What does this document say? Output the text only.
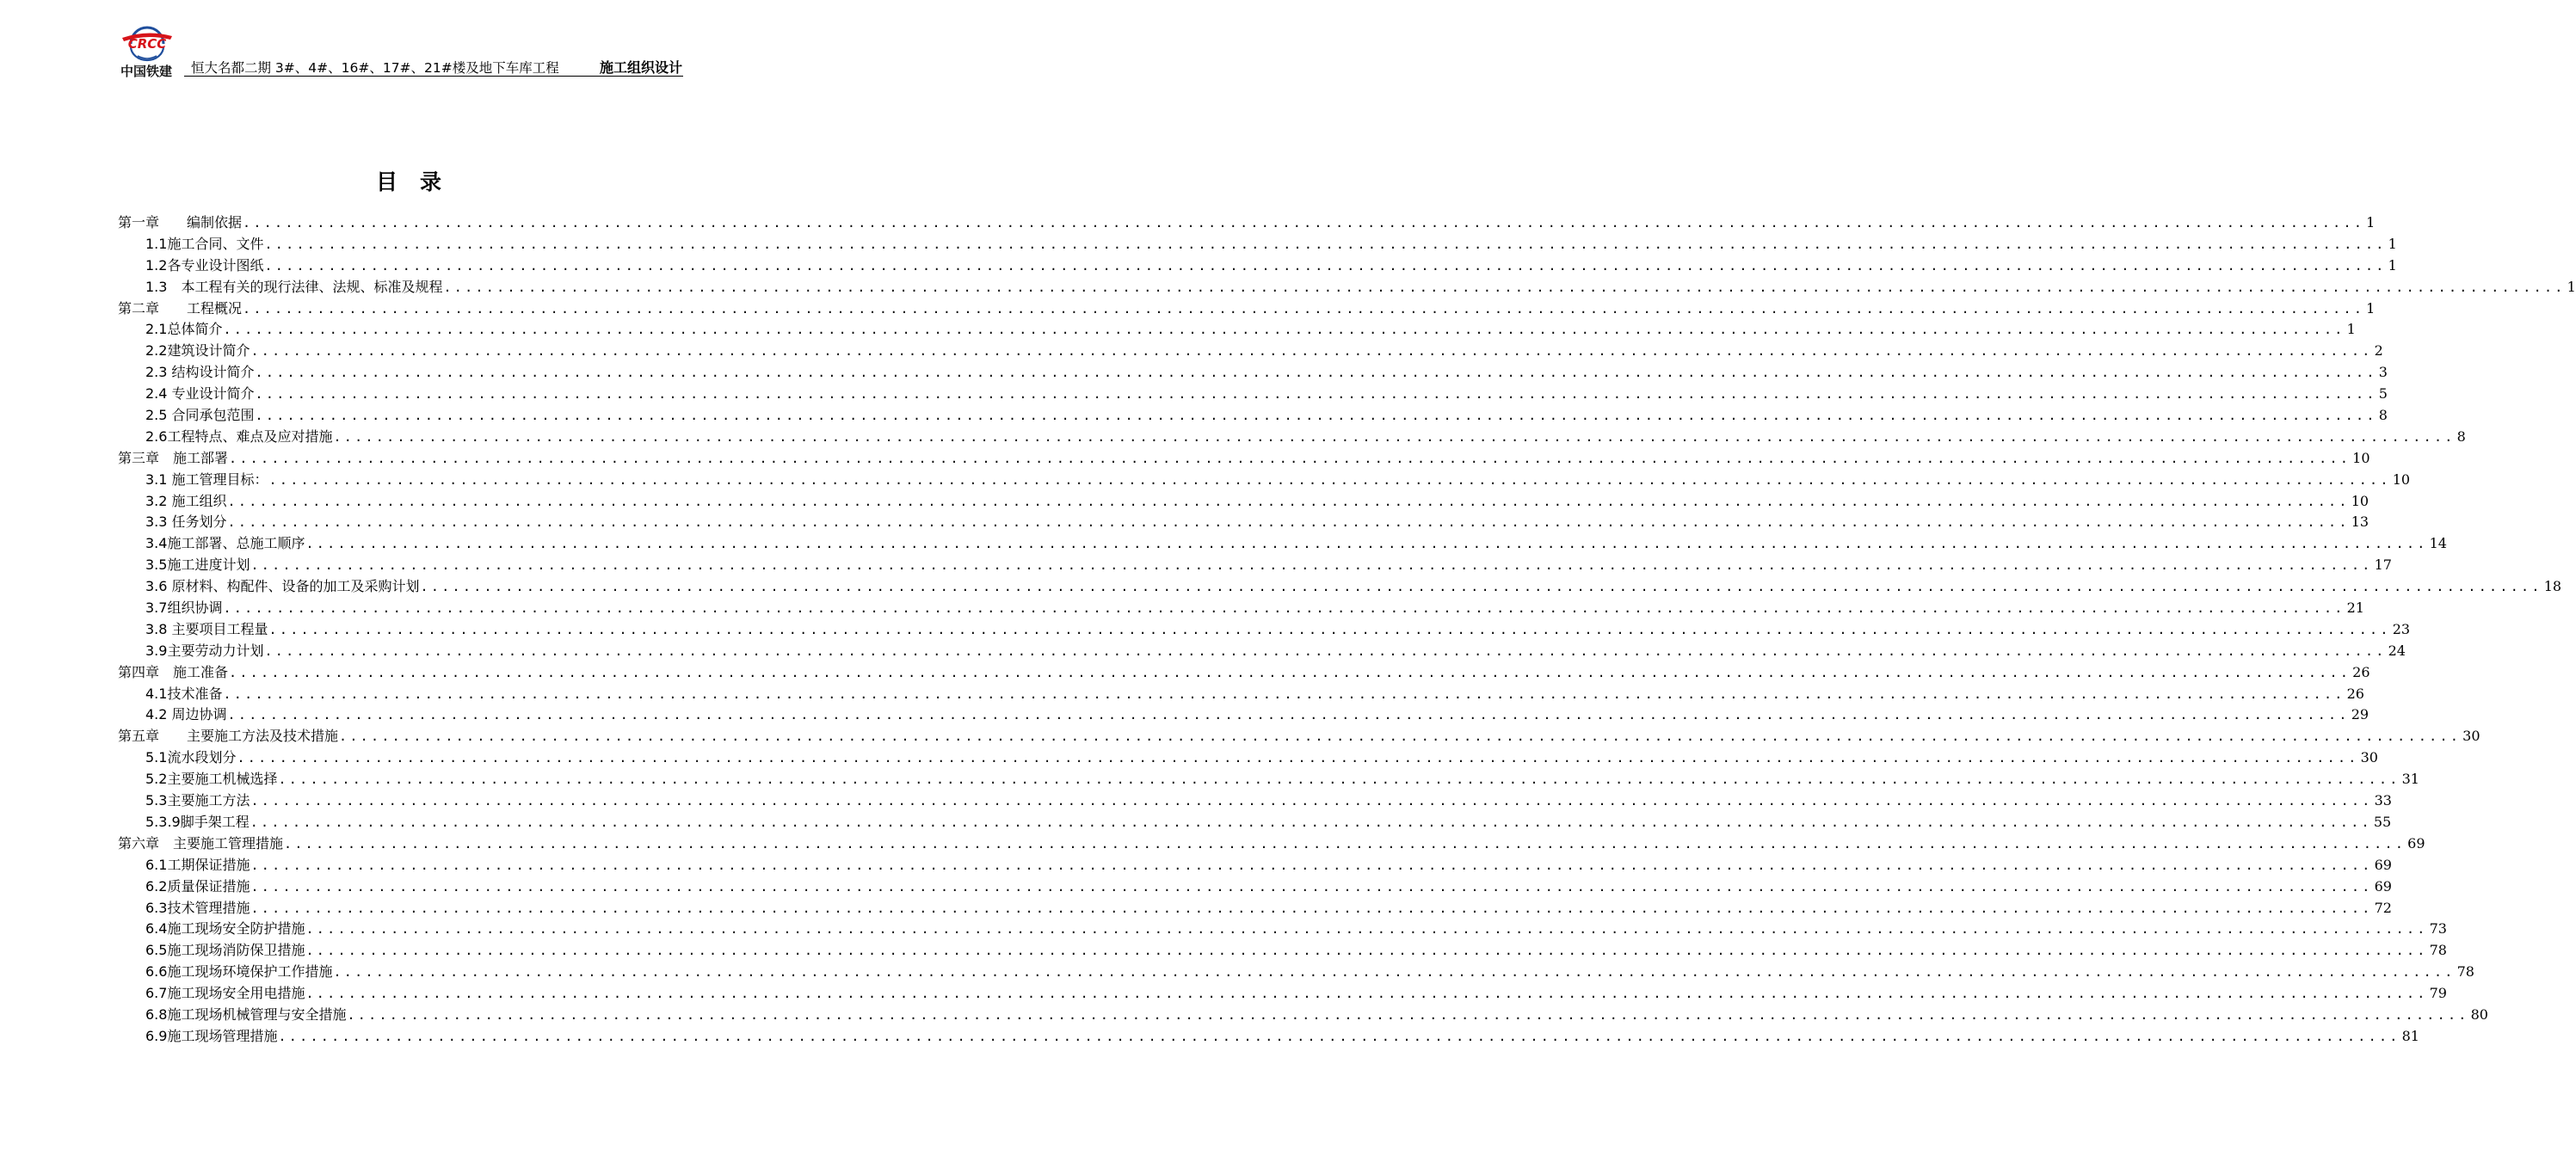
CRCC
中国铁建	恒大名都二期 3#、4#、16#、17#、21#楼及地下车库工程	施工组织设计
目录
第一章　　编制依据 ........................................................................................................................................................................................................ 1
1.1施工合同、文件 ........................................................................................................................................................................................................ 1
1.2各专业设计图纸 ........................................................................................................................................................................................................ 1
1.3　本工程有关的现行法律、法规、标准及规程 ........................................................................................................................................................................................................ 1
第二章　　工程概况 ........................................................................................................................................................................................................ 1
2.1总体简介 ........................................................................................................................................................................................................ 1
2.2建筑设计简介 ........................................................................................................................................................................................................ 2
2.3 结构设计简介 ........................................................................................................................................................................................................ 3
2.4 专业设计简介 ........................................................................................................................................................................................................ 5
2.5 合同承包范围 ........................................................................................................................................................................................................ 8
2.6工程特点、难点及应对措施 ........................................................................................................................................................................................................ 8
第三章　施工部署 ........................................................................................................................................................................................................ 10
3.1 施工管理目标： ........................................................................................................................................................................................................ 10
3.2 施工组织 ........................................................................................................................................................................................................ 10
3.3 任务划分 ........................................................................................................................................................................................................ 13
3.4施工部署、总施工顺序 ........................................................................................................................................................................................................ 14
3.5施工进度计划 ........................................................................................................................................................................................................ 17
3.6 原材料、构配件、设备的加工及采购计划 ........................................................................................................................................................................................................ 18
3.7组织协调 ........................................................................................................................................................................................................ 21
3.8 主要项目工程量 ........................................................................................................................................................................................................ 23
3.9主要劳动力计划 ........................................................................................................................................................................................................ 24
第四章　施工准备 ........................................................................................................................................................................................................ 26
4.1技术准备 ........................................................................................................................................................................................................ 26
4.2 周边协调 ........................................................................................................................................................................................................ 29
第五章　　主要施工方法及技术措施 ........................................................................................................................................................................................................ 30
5.1流水段划分 ........................................................................................................................................................................................................ 30
5.2主要施工机械选择 ........................................................................................................................................................................................................ 31
5.3主要施工方法 ........................................................................................................................................................................................................ 33
5.3.9脚手架工程 ........................................................................................................................................................................................................ 55
第六章　主要施工管理措施 ........................................................................................................................................................................................................ 69
6.1工期保证措施 ........................................................................................................................................................................................................ 69
6.2质量保证措施 ........................................................................................................................................................................................................ 69
6.3技术管理措施 ........................................................................................................................................................................................................ 72
6.4施工现场安全防护措施 ........................................................................................................................................................................................................ 73
6.5施工现场消防保卫措施 ........................................................................................................................................................................................................ 78
6.6施工现场环境保护工作措施 ........................................................................................................................................................................................................ 78
6.7施工现场安全用电措施 ........................................................................................................................................................................................................ 79
6.8施工现场机械管理与安全措施 ........................................................................................................................................................................................................ 80
6.9施工现场管理措施 ........................................................................................................................................................................................................ 81
